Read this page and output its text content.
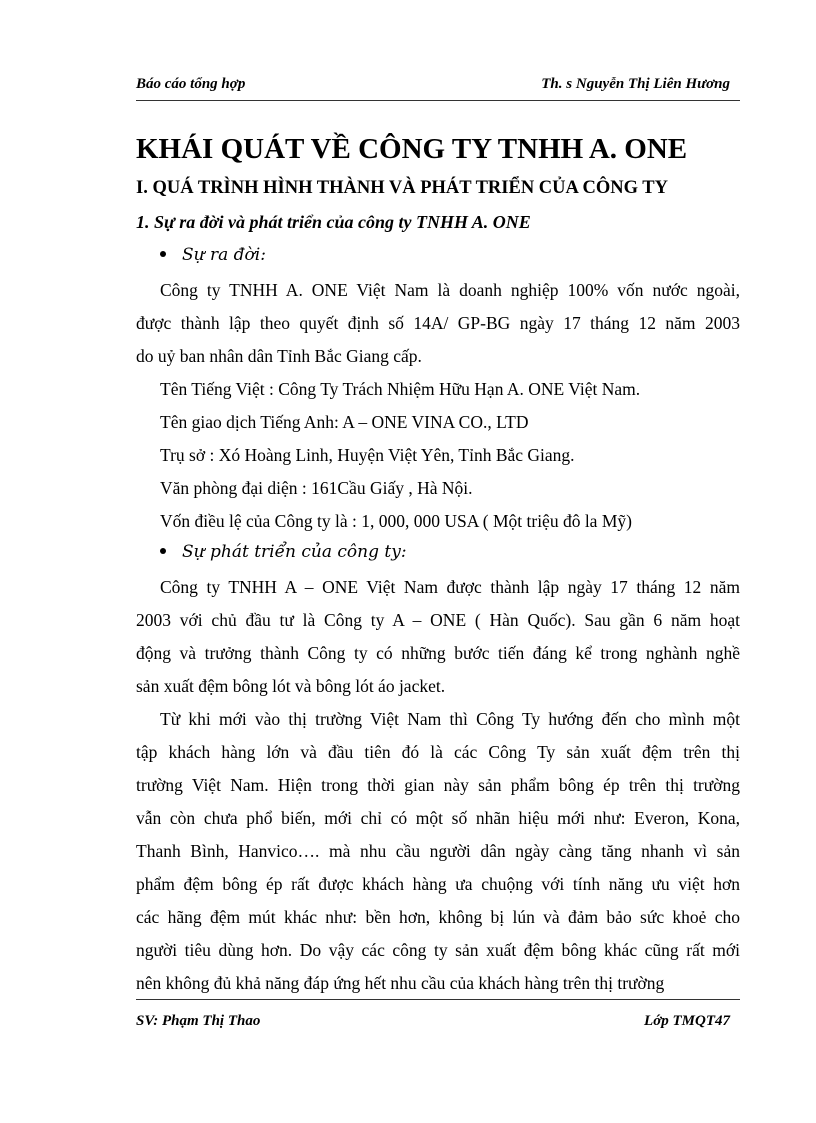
Báo cáo tổng hợp	Th. s Nguyễn Thị Liên Hương
KHÁI QUÁT VỀ CÔNG TY TNHH A. ONE
I. QUÁ TRÌNH HÌNH THÀNH VÀ PHÁT TRIỂN CỦA CÔNG TY
1. Sự ra đời và phát triển của công ty TNHH A. ONE
Sự ra đời:
Công ty TNHH A. ONE Việt Nam là doanh nghiệp 100% vốn nước ngoài,
được thành lập theo quyết định số 14A/ GP-BG ngày 17 tháng 12 năm 2003
do uỷ ban nhân dân Tỉnh Bắc Giang cấp.
Tên Tiếng Việt : Công Ty Trách Nhiệm Hữu Hạn A. ONE Việt Nam.
Tên giao dịch Tiếng Anh: A – ONE VINA CO., LTD
Trụ sở : Xó Hoàng Linh, Huyện Việt Yên, Tỉnh Bắc Giang.
Văn phòng đại diện : 161Cầu Giấy , Hà Nội.
Vốn điều lệ của Công ty là : 1, 000, 000 USA ( Một triệu đô la Mỹ)
Sự phát triển của công ty:
Công ty TNHH A – ONE Việt Nam được thành lập ngày 17 tháng 12 năm
2003 với chủ đầu tư là Công ty A – ONE ( Hàn Quốc). Sau gần 6 năm hoạt
động và trưởng thành Công ty có những bước tiến đáng kể trong nghành nghề
sản xuất đệm bông lót và bông lót áo jacket.
Từ khi mới vào thị trường Việt Nam thì Công Ty hướng đến cho mình một
tập khách hàng lớn và đầu tiên đó là các Công Ty sản xuất đệm trên thị
trường Việt Nam. Hiện trong thời gian này sản phẩm bông ép trên thị trường
vẫn còn chưa phổ biến, mới chỉ có một số nhãn hiệu mới như: Everon, Kona,
Thanh Bình, Hanvico…. mà nhu cầu người dân ngày càng tăng nhanh vì sản
phẩm đệm bông ép rất được khách hàng ưa chuộng với tính năng ưu việt hơn
các hãng đệm mút khác như: bền hơn, không bị lún và đảm bảo sức khoẻ cho
người tiêu dùng hơn. Do vậy các công ty sản xuất đệm bông khác cũng rất mới
nên không đủ khả năng đáp ứng hết nhu cầu của khách hàng trên thị trường
SV: Phạm Thị Thao	Lớp TMQT47
